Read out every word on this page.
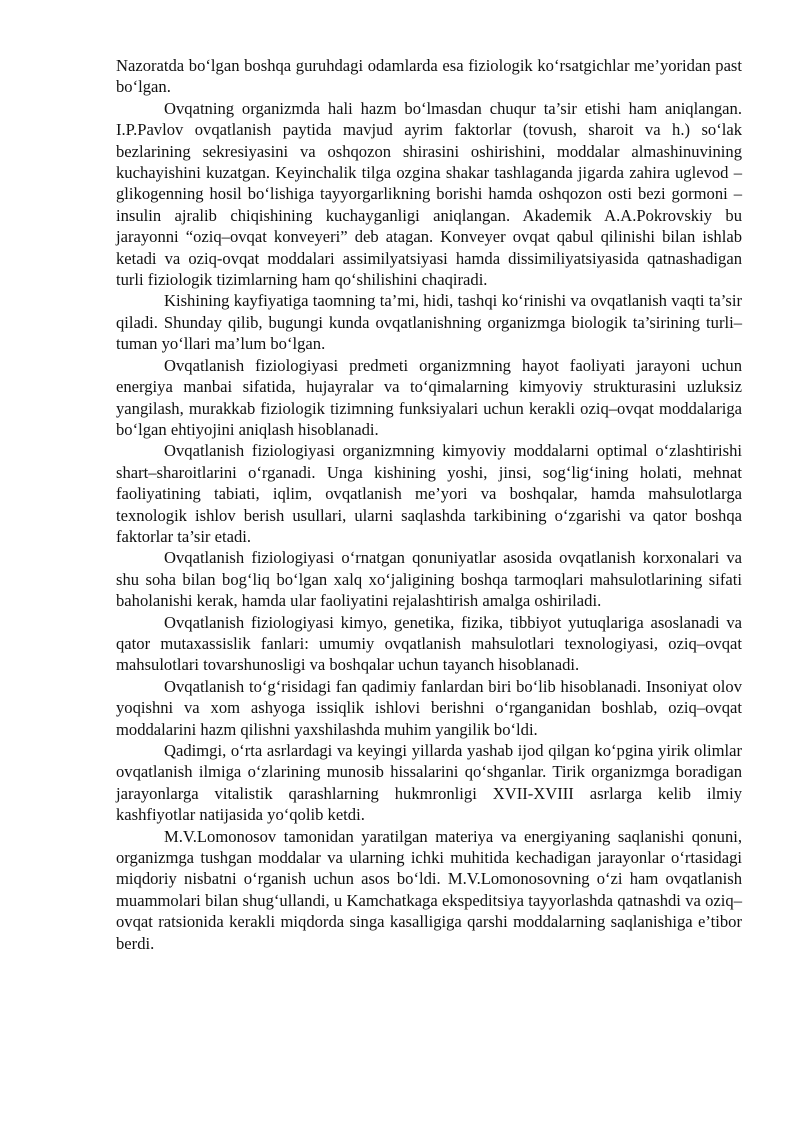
Nazoratda boʻlgan boshqa guruhdagi odamlarda esa fiziologik koʻrsatgichlar me’yoridan past boʻlgan.

Ovqatning organizmda hali hazm boʻlmasdan chuqur ta’sir etishi ham aniqlangan. I.P.Pavlov ovqatlanish paytida mavjud ayrim faktorlar (tovush, sharoit va h.) soʻlak bezlarining sekresiyasini va oshqozon shirasini oshirishini, moddalar almashinuvining kuchayishini kuzatgan. Keyinchalik tilga ozgina shakar tashlaganda jigarda zahira uglevod – glikogenning hosil boʻlishiga tayyorgarlikning borishi hamda oshqozon osti bezi gormoni – insulin ajralib chiqishining kuchayganligi aniqlangan. Akademik A.A.Pokrovskiy bu jarayonni “oziq–ovqat konveyeri” deb atagan. Konveyer ovqat qabul qilinishi bilan ishlab ketadi va oziq-ovqat moddalari assimilyatsiyasi hamda dissimiliyatsiyasida qatnashadigan turli fiziologik tizimlarning ham qoʻshilishini chaqiradi.

Kishining kayfiyatiga taomning ta’mi, hidi, tashqi koʻrinishi va ovqatlanish vaqti ta’sir qiladi. Shunday qilib, bugungi kunda ovqatlanishning organizmga biologik ta’sirining turli–tuman yoʻllari ma’lum boʻlgan.

Ovqatlanish fiziologiyasi predmeti organizmning hayot faoliyati jarayoni uchun energiya manbai sifatida, hujayralar va toʻqimalarning kimyoviy strukturasini uzluksiz yangilash, murakkab fiziologik tizimning funksiyalari uchun kerakli oziq–ovqat moddalariga boʻlgan ehtiyojini aniqlash hisoblanadi.

Ovqatlanish fiziologiyasi organizmning kimyoviy moddalarni optimal oʻzlashtirishi shart–sharoitlarini oʻrganadi. Unga kishining yoshi, jinsi, sogʻligʻining holati, mehnat faoliyatining tabiati, iqlim, ovqatlanish me’yori va boshqalar, hamda mahsulotlarga texnologik ishlov berish usullari, ularni saqlashda tarkibining oʻzgarishi va qator boshqa faktorlar ta’sir etadi.

Ovqatlanish fiziologiyasi oʻrnatgan qonuniyatlar asosida ovqatlanish korxonalari va shu soha bilan bogʻliq boʻlgan xalq xoʻjaligining boshqa tarmoqlari mahsulotlarining sifati baholanishi kerak, hamda ular faoliyatini rejalashtirish amalga oshiriladi.

Ovqatlanish fiziologiyasi kimyo, genetika, fizika, tibbiyot yutuqlariga asoslanadi va qator mutaxassislik fanlari: umumiy ovqatlanish mahsulotlari texnologiyasi, oziq–ovqat mahsulotlari tovarshunosligi va boshqalar uchun tayanch hisoblanadi.

Ovqatlanish toʻgʻrisidagi fan qadimiy fanlardan biri boʻlib hisoblanadi. Insoniyat olov yoqishni va xom ashyoga issiqlik ishlovi berishni oʻrganganidan boshlab, oziq–ovqat moddalarini hazm qilishni yaxshilashda muhim yangilik boʻldi.

Qadimgi, oʻrta asrlardagi va keyingi yillarda yashab ijod qilgan koʻpgina yirik olimlar ovqatlanish ilmiga oʻzlarining munosib hissalarini qoʻshganlar. Tirik organizmga boradigan jarayonlarga vitalistik qarashlarning hukmronligi XVII-XVIII asrlarga kelib ilmiy kashfiyotlar natijasida yoʻqolib ketdi.

M.V.Lomonosov tamonidan yaratilgan materiya va energiyaning saqlanishi qonuni, organizmga tushgan moddalar va ularning ichki muhitida kechadigan jarayonlar oʻrtasidagi miqdoriy nisbatni oʻrganish uchun asos boʻldi. M.V.Lomonosovning oʻzi ham ovqatlanish muammolari bilan shugʻullandi, u Kamchatkaga ekspeditsiya tayyorlashda qatnashdi va oziq–ovqat ratsionida kerakli miqdorda singa kasalligiga qarshi moddalarning saqlanishiga e’tibor berdi.
